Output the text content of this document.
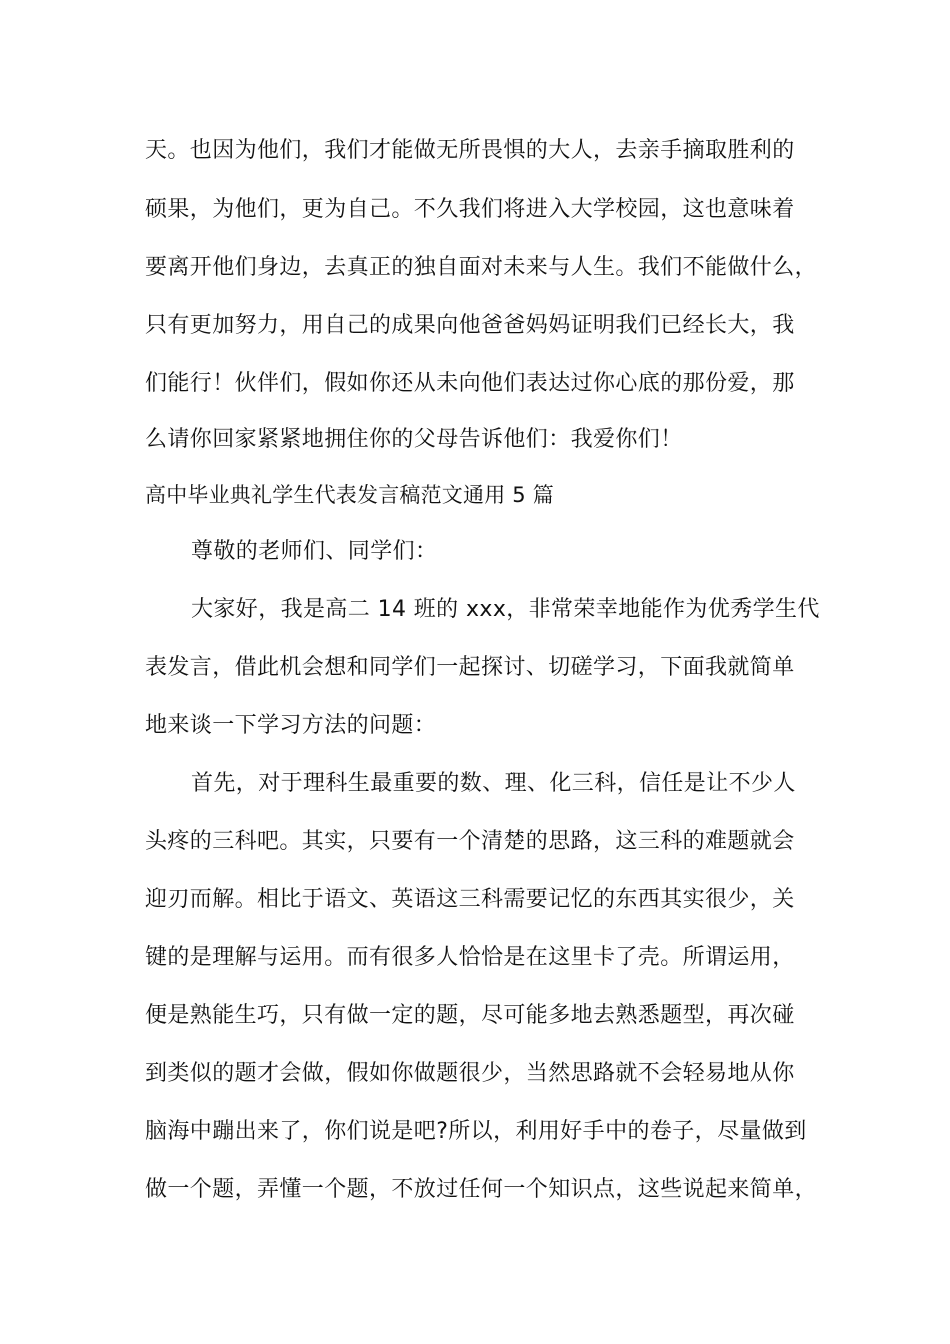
天。也因为他们，我们才能做无所畏惧的大人，去亲手摘取胜利的
硕果，为他们，更为自己。不久我们将进入大学校园，这也意味着
要离开他们身边，去真正的独自面对未来与人生。我们不能做什么，
只有更加努力，用自己的成果向他爸爸妈妈证明我们已经长大，我
们能行！伙伴们，假如你还从未向他们表达过你心底的那份爱，那
么请你回家紧紧地拥住你的父母告诉他们：我爱你们！
高中毕业典礼学生代表发言稿范文通用 5 篇
尊敬的老师们、同学们：
大家好，我是高二 14 班的 xxx，非常荣幸地能作为优秀学生代
表发言，借此机会想和同学们一起探讨、切磋学习，下面我就简单
地来谈一下学习方法的问题：
首先，对于理科生最重要的数、理、化三科，信任是让不少人
头疼的三科吧。其实，只要有一个清楚的思路，这三科的难题就会
迎刃而解。相比于语文、英语这三科需要记忆的东西其实很少，关
键的是理解与运用。而有很多人恰恰是在这里卡了壳。所谓运用，
便是熟能生巧，只有做一定的题，尽可能多地去熟悉题型，再次碰
到类似的题才会做，假如你做题很少，当然思路就不会轻易地从你
脑海中蹦出来了，你们说是吧?所以，利用好手中的卷子，尽量做到
做一个题，弄懂一个题，不放过任何一个知识点，这些说起来简单，
